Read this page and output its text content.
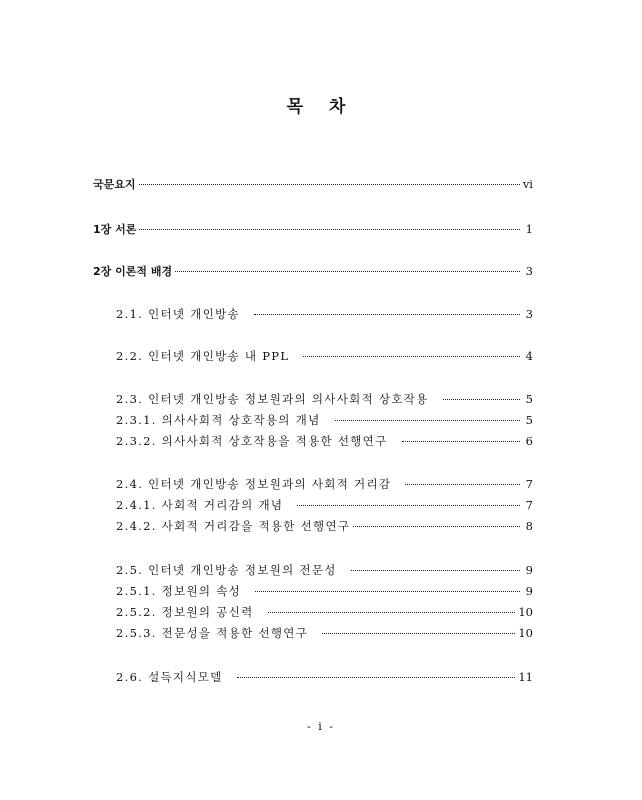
목 차
국문요지	vi
1장 서론	1
2장 이론적 배경	3
2.1. 인터넷 개인방송	3
2.2. 인터넷 개인방송 내 PPL	4
2.3. 인터넷 개인방송 정보원과의 의사사회적 상호작용	5
2.3.1. 의사사회적 상호작용의 개념	5
2.3.2. 의사사회적 상호작용을 적용한 선행연구	6
2.4. 인터넷 개인방송 정보원과의 사회적 거리감	7
2.4.1. 사회적 거리감의 개념	7
2.4.2. 사회적 거리감을 적용한 선행연구	8
2.5. 인터넷 개인방송 정보원의 전문성	9
2.5.1. 정보원의 속성	9
2.5.2. 정보원의 공신력	10
2.5.3. 전문성을 적용한 선행연구	10
2.6. 설득지식모델	11
- i -
